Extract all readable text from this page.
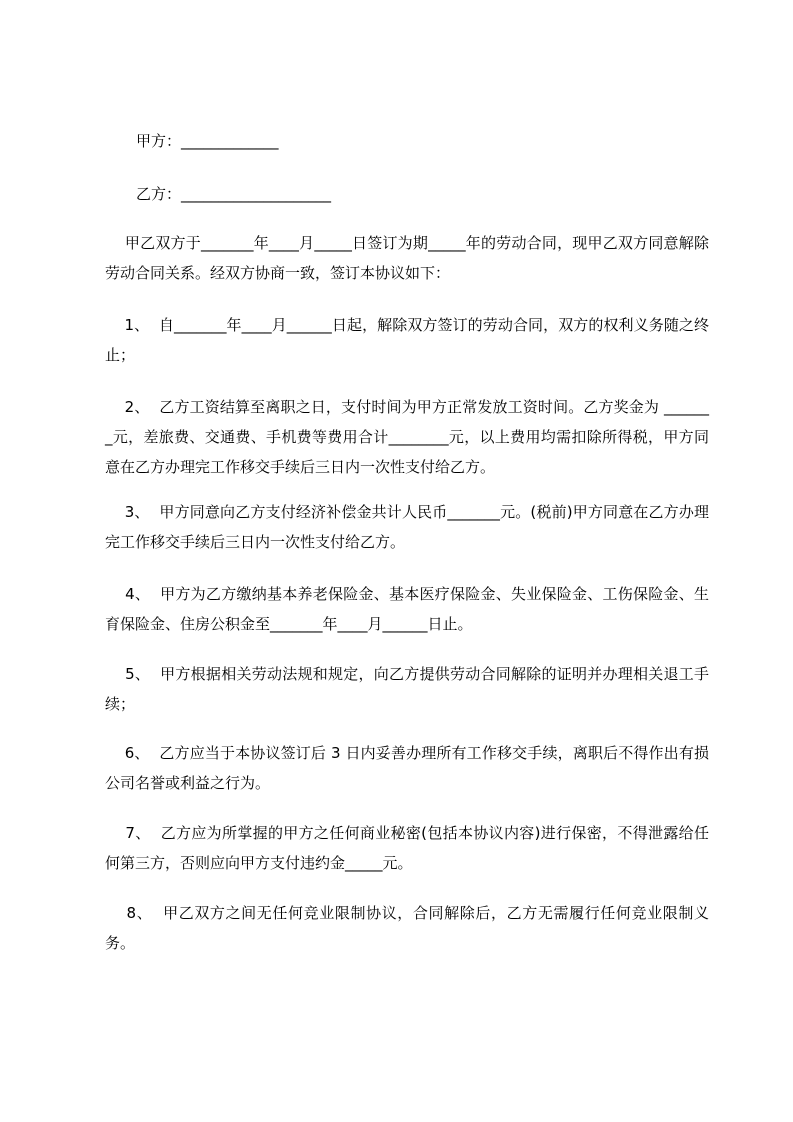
甲方：_____________
乙方：____________________
甲乙双方于_______年____月_____日签订为期_____年的劳动合同，现甲乙双方同意解除劳动合同关系。经双方协商一致，签订本协议如下：
1、  自_______年____月______日起，解除双方签订的劳动合同，双方的权利义务随之终止；
2、  乙方工资结算至离职之日，支付时间为甲方正常发放工资时间。乙方奖金为 _______元，差旅费、交通费、手机费等费用合计________元，以上费用均需扣除所得税，甲方同意在乙方办理完工作移交手续后三日内一次性支付给乙方。
3、  甲方同意向乙方支付经济补偿金共计人民币_______元。(税前)甲方同意在乙方办理完工作移交手续后三日内一次性支付给乙方。
4、  甲方为乙方缴纳基本养老保险金、基本医疗保险金、失业保险金、工伤保险金、生育保险金、住房公积金至_______年____月______日止。
5、  甲方根据相关劳动法规和规定，向乙方提供劳动合同解除的证明并办理相关退工手续；
6、  乙方应当于本协议签订后 3 日内妥善办理所有工作移交手续，离职后不得作出有损公司名誉或利益之行为。
7、  乙方应为所掌握的甲方之任何商业秘密(包括本协议内容)进行保密，不得泄露给任何第三方，否则应向甲方支付违约金_____元。
8、  甲乙双方之间无任何竞业限制协议，合同解除后，乙方无需履行任何竞业限制义务。
